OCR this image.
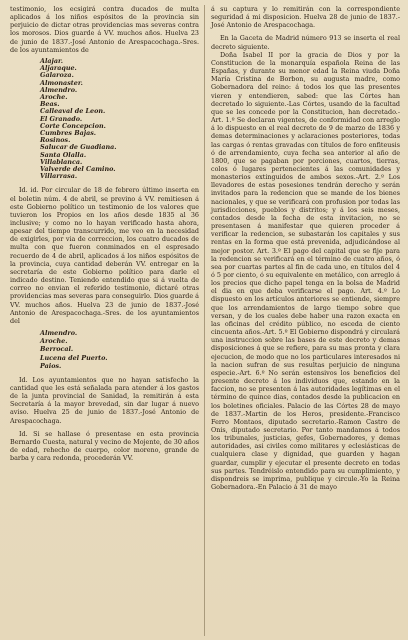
testimonio, los ecsigirá contra ducados de multa aplicados á los niños espósitos de la provincia sin perjuicio de dictar otras providencias mas severas contra los morosos. Dios guarde á VV. muchos años. Huelva 23 de junio de 1837.-José Antonio de Arespacochaga.-Sres. de los ayuntamientos de

Alajar.
Aljaraque.
Galaroza.
Almonaster.
Almendro.
Aroche.
Beas.
Calleaval de Leon.
El Granado.
Corte Concepcion.
Cumbres Bajas.
Rosinos.
Salucar de Guadiana.
Santa Olalla.
Villablanca.
Valverde del Camino.
Villarrasa.

Id. id. Por circular de 18 de febrero último inserta en el boletin núm. 4 de abril, se previno á VV. remitiesen á este Gobierno político un testimonio de los valores que tuvieron los Propios en los años desde 1835 al 36 inclusive; y como no lo hayan verificado hasta ahora, apesar del tiempo transcurrido, me veo en la necesidad de exigirles, por via de correccion, los cuatro ducados de multa con que fueron conminados en el espresado recuerdo de 4 de abril, aplicados á los niños espósitos de la provincia, cuya cantidad deberán VV. entregar en la secretaría de este Gobierno político para darle el indicado destino. Teniendo entendido que si á vuelta de correo no envian el referido testimonio, dictaré otras providencias mas severas para conseguirlo. Dios guarde á VV. muchos años. Huelva 23 de junio de 1837.-José Antonio de Arespacochaga.-Sres. de los ayuntamientos del

Almendro.
Aroche.
Berrocal.
Lucena del Puerto.
Paios.

Id. Los ayuntamientos que no hayan satisfecho la cantidad que les está señalada para atender á los gastos de la junta provincial de Sanidad, la remitirán á esta Secretaría á la mayor brevedad, sin dar lugar á nuevo aviso. Huelva 25 de junio de 1837.-José Antonio de Arespacochaga.

Id. Si se hallase ó presentase en esta provincia Bernardo Cuesta, natural y vecino de Mojente, de 30 años de edad, rehecho de cuerpo, color moreno, grande de barba y cara redonda, procederán VV.

á su captura y lo remitirán con la correspondiente seguridad á mi disposicion. Huelva 28 de junio de 1837.-José Antonio de Arespacochaga.

En la Gaceta de Madrid número 913 se inserta el real decreto siguiente.

Doña Isabel II por la gracia de Dios y por la Constitucion de la monarquía española Reina de las Españas, y durante su menor edad la Reina viuda Doña María Cristina de Borbon, su augusta madre, como Gobernadora del reino: á todos los que las presentes vieren y entendieren, sabed: que las Córtes han decretado lo siguiente.-Las Córtes, usando de la facultad que se les concede por la Constitucion, han decretado.-Art. 1.º Se declaran vigentes, de conformidad con arreglo á lo dispuesto en el real decreto de 9 de marzo de 1836 y demas determinaciones y aclaraciones posteriores, todas las cargas ó rentas gravadas con títulos de foro enfiteusis ó de arrendamiento, cuya fecha sea anterior al año de 1800, que se pagaban por porciones, cuartos, tierras, colos ó lugares pertenecientes á las comunidades y monasterios extinguidos de ambos sexos.-Art. 2.º Los llevadores de estas posesiones tendrán derecho y serán invitados para la redencion que se mande de los bienes nacionales, y que se verificará con profusion por todas las jurisdicciones, pueblos y distritos; y á los seis meses, contados desde la fecha de esta invitacion, no se presentasen á manifestar que quieren proceder á verificar la redencion, se subastarán los capitales y sus rentas en la forma que está prevenida, adjudicándose al mejor postor. Art. 3.º El pago del capital que se fije para la redencion se verificará en el término de cuatro años, ó sea por cuartas partes al fin de cada uno, en títulos del 4 ó 5 por ciento, ó su equivalente en metálico, con arreglo á los precios que dicho papel tenga en la bolsa de Madrid el dia en que deba verificarse el pago. Art. 4.º Lo dispuesto en los artículos anteriores se entiende, siempre que los arrendamientos de largo tiempo sobre que versan, y de los cuales debe haber una razon exacta en las oficinas del crédito público, no esceda de ciento cincuenta años.-Art. 5.º El Gobierno dispondrá y circulará una instruccion sobre las bases de este decreto y demas disposiciones á que se refiere, para su mas pronta y clara ejecucion, de modo que no los particulares interesados ni la nacion sufran de sus resultas perjuicio de ninguna especie.-Art. 6.º No serán estensivos los beneficios del presente decreto á los individuos que, estando en la faccion, no se presenten á las autoridades legítimas en el término de quince dias, contados desde la publicacion en los boletines oficiales. Palacio de las Córtes 28 de mayo de 1837.-Martin de los Heros, presidente.-Francisco Ferro Montaos, diputado secretario.-Ramon Castro de Onis, diputado secretario. Por tanto mandamos á todos los tribunales, justicias, gefes, Gobernadores, y demas autoridades, asi civiles como militares y eclesiásticas de cualquiera clase y dignidad, que guarden y hagan guardar, cumplir y ejecutar el presente decreto en todas sus partes. Tendréislo entendido para su cumplimiento, y dispondreis se imprima, publique y circule.-Yo la Reina Gobernadora.-En Palacio á 31 de mayo
